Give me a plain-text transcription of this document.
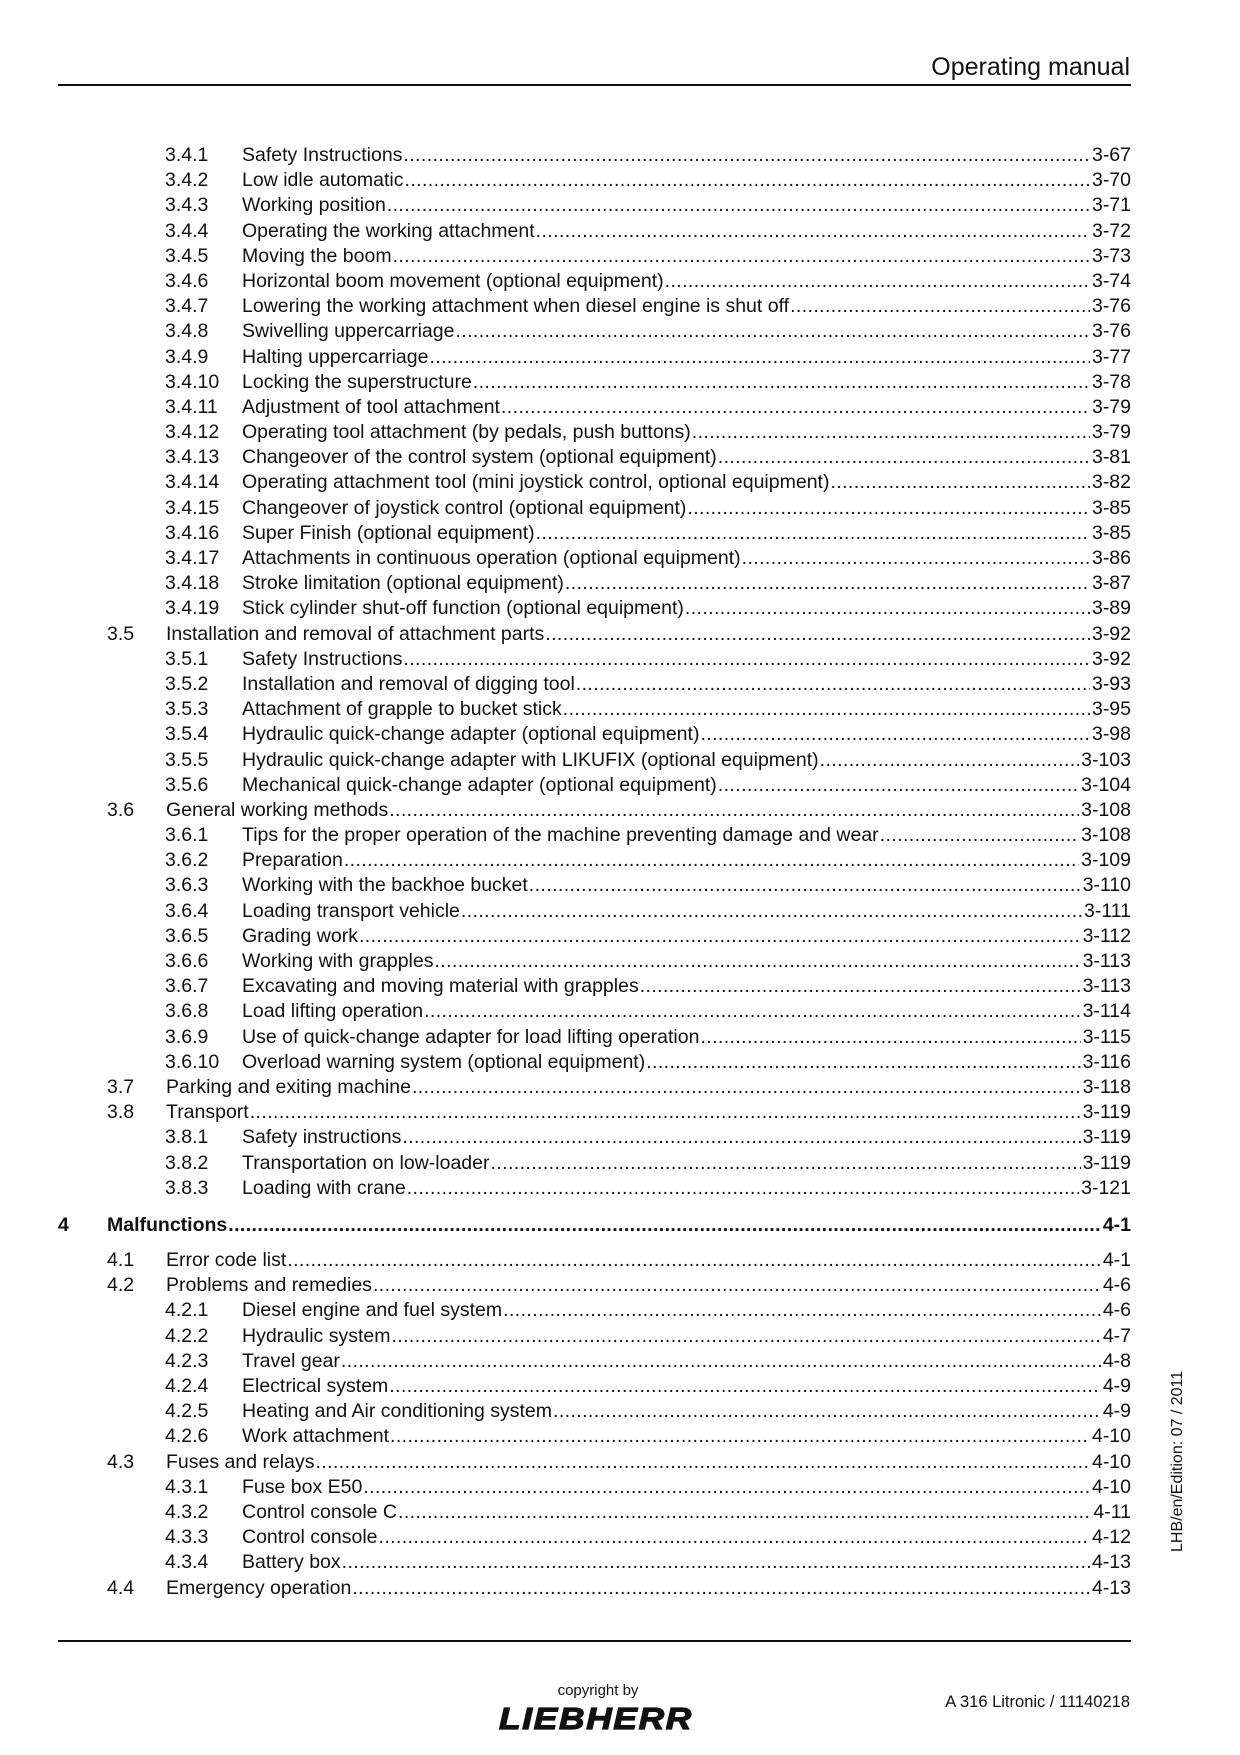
Operating manual
3.4.1	Safety Instructions .....	3-67
3.4.2	Low idle automatic .....	3-70
3.4.3	Working position .....	3-71
3.4.4	Operating the working attachment .....	3-72
3.4.5	Moving the boom .....	3-73
3.4.6	Horizontal boom movement (optional equipment) .....	3-74
3.4.7	Lowering the working attachment when diesel engine is shut off .....	3-76
3.4.8	Swivelling uppercarriage .....	3-76
3.4.9	Halting uppercarriage .....	3-77
3.4.10	Locking the superstructure .....	3-78
3.4.11	Adjustment of tool attachment .....	3-79
3.4.12	Operating tool attachment (by pedals, push buttons) .....	3-79
3.4.13	Changeover of the control system (optional equipment) .....	3-81
3.4.14	Operating attachment tool (mini joystick control, optional equipment) .....	3-82
3.4.15	Changeover of joystick control (optional equipment) .....	3-85
3.4.16	Super Finish (optional equipment) .....	3-85
3.4.17	Attachments in continuous operation (optional equipment) .....	3-86
3.4.18	Stroke limitation (optional equipment) .....	3-87
3.4.19	Stick cylinder shut-off function (optional equipment) .....	3-89
3.5	Installation and removal of attachment parts .....	3-92
3.5.1	Safety Instructions .....	3-92
3.5.2	Installation and removal of digging tool .....	3-93
3.5.3	Attachment of grapple to bucket stick .....	3-95
3.5.4	Hydraulic quick-change adapter (optional equipment) .....	3-98
3.5.5	Hydraulic quick-change adapter with LIKUFIX (optional equipment) .....	3-103
3.5.6	Mechanical quick-change adapter (optional equipment) .....	3-104
3.6	General working methods .....	3-108
3.6.1	Tips for the proper operation of the machine preventing damage and wear .....	3-108
3.6.2	Preparation .....	3-109
3.6.3	Working with the backhoe bucket .....	3-110
3.6.4	Loading transport vehicle .....	3-111
3.6.5	Grading work .....	3-112
3.6.6	Working with grapples .....	3-113
3.6.7	Excavating and moving material with grapples .....	3-113
3.6.8	Load lifting operation .....	3-114
3.6.9	Use of quick-change adapter for load lifting operation .....	3-115
3.6.10	Overload warning system (optional equipment) .....	3-116
3.7	Parking and exiting machine .....	3-118
3.8	Transport .....	3-119
3.8.1	Safety instructions .....	3-119
3.8.2	Transportation on low-loader .....	3-119
3.8.3	Loading with crane .....	3-121
4	Malfunctions .....	4-1
4.1	Error code list .....	4-1
4.2	Problems and remedies .....	4-6
4.2.1	Diesel engine and fuel system .....	4-6
4.2.2	Hydraulic system .....	4-7
4.2.3	Travel gear .....	4-8
4.2.4	Electrical system .....	4-9
4.2.5	Heating and Air conditioning system .....	4-9
4.2.6	Work attachment .....	4-10
4.3	Fuses and relays .....	4-10
4.3.1	Fuse box E50 .....	4-10
4.3.2	Control console C .....	4-11
4.3.3	Control console .....	4-12
4.3.4	Battery box .....	4-13
4.4	Emergency operation .....	4-13
LHB/en/Edition: 07 / 2011
copyright by
LIEBHERR	A 316 Litronic / 11140218
